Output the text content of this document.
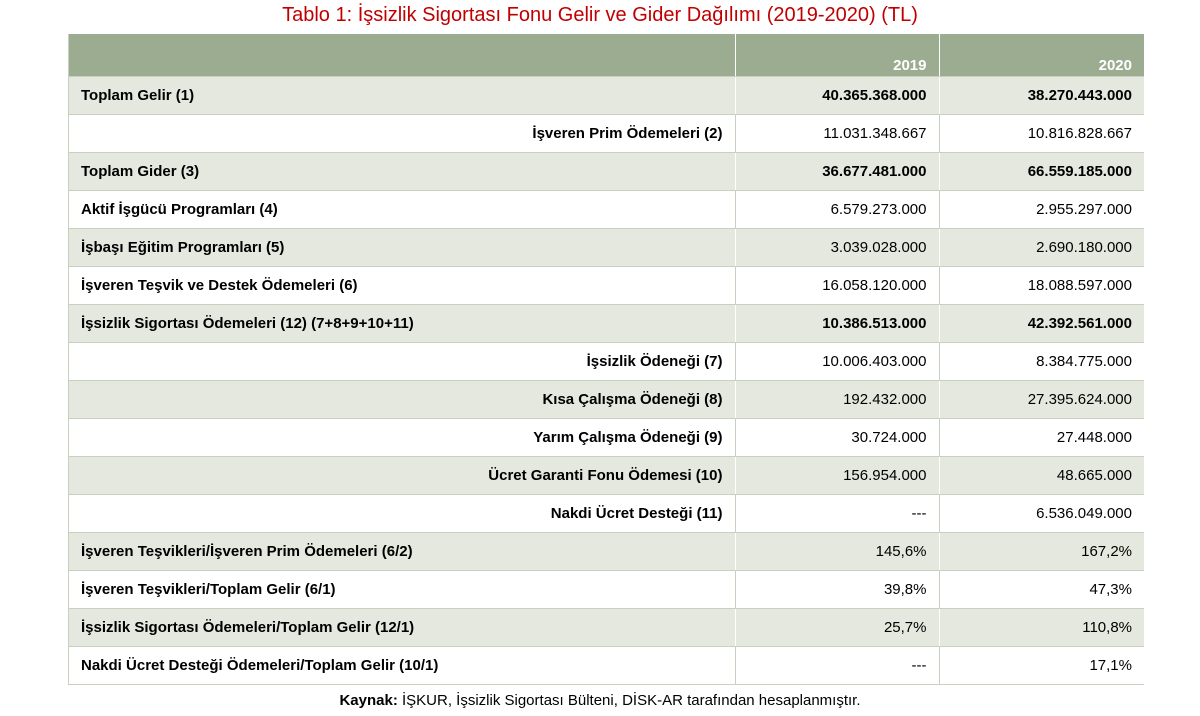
Tablo 1: İşsizlik Sigortası Fonu Gelir ve Gider Dağılımı (2019-2020) (TL)
	2019	2020
Toplam Gelir (1)	40.365.368.000	38.270.443.000
İşveren Prim Ödemeleri (2)	11.031.348.667	10.816.828.667
Toplam Gider (3)	36.677.481.000	66.559.185.000
Aktif İşgücü Programları (4)	6.579.273.000	2.955.297.000
İşbaşı Eğitim Programları (5)	3.039.028.000	2.690.180.000
İşveren Teşvik ve Destek Ödemeleri (6)	16.058.120.000	18.088.597.000
İşsizlik Sigortası Ödemeleri (12) (7+8+9+10+11)	10.386.513.000	42.392.561.000
İşsizlik Ödeneği (7)	10.006.403.000	8.384.775.000
Kısa Çalışma Ödeneği (8)	192.432.000	27.395.624.000
Yarım Çalışma Ödeneği (9)	30.724.000	27.448.000
Ücret Garanti Fonu Ödemesi (10)	156.954.000	48.665.000
Nakdi Ücret Desteği (11)	---	6.536.049.000
İşveren Teşvikleri/İşveren Prim Ödemeleri (6/2)	145,6%	167,2%
İşveren Teşvikleri/Toplam Gelir (6/1)	39,8%	47,3%
İşsizlik Sigortası Ödemeleri/Toplam Gelir (12/1)	25,7%	110,8%
Nakdi Ücret Desteği Ödemeleri/Toplam Gelir (10/1)	---	17,1%
Kaynak: İŞKUR, İşsizlik Sigortası Bülteni, DİSK-AR tarafından hesaplanmıştır.
